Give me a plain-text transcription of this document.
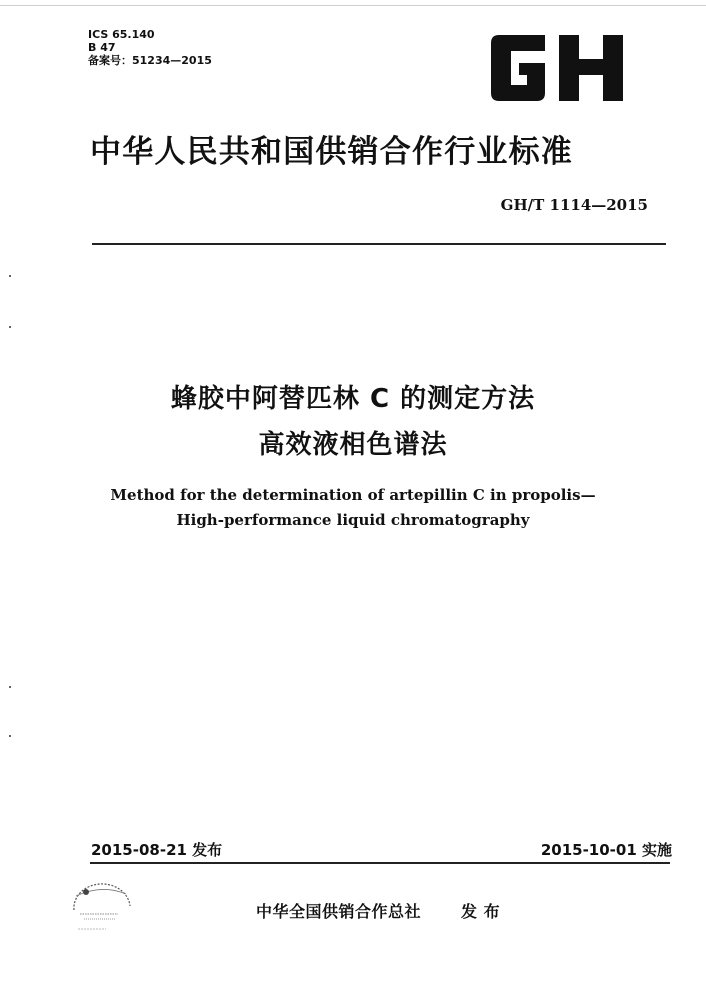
ICS 65.140
B 47
备案号：51234—2015
中华人民共和国供销合作行业标准
GH/T 1114—2015
蜂胶中阿替匹林 C 的测定方法
高效液相色谱法
Method for the determination of artepillin C in propolis—
High-performance liquid chromatography
2015-08-21 发布	2015-10-01 实施
中华全国供销合作总社	发 布
